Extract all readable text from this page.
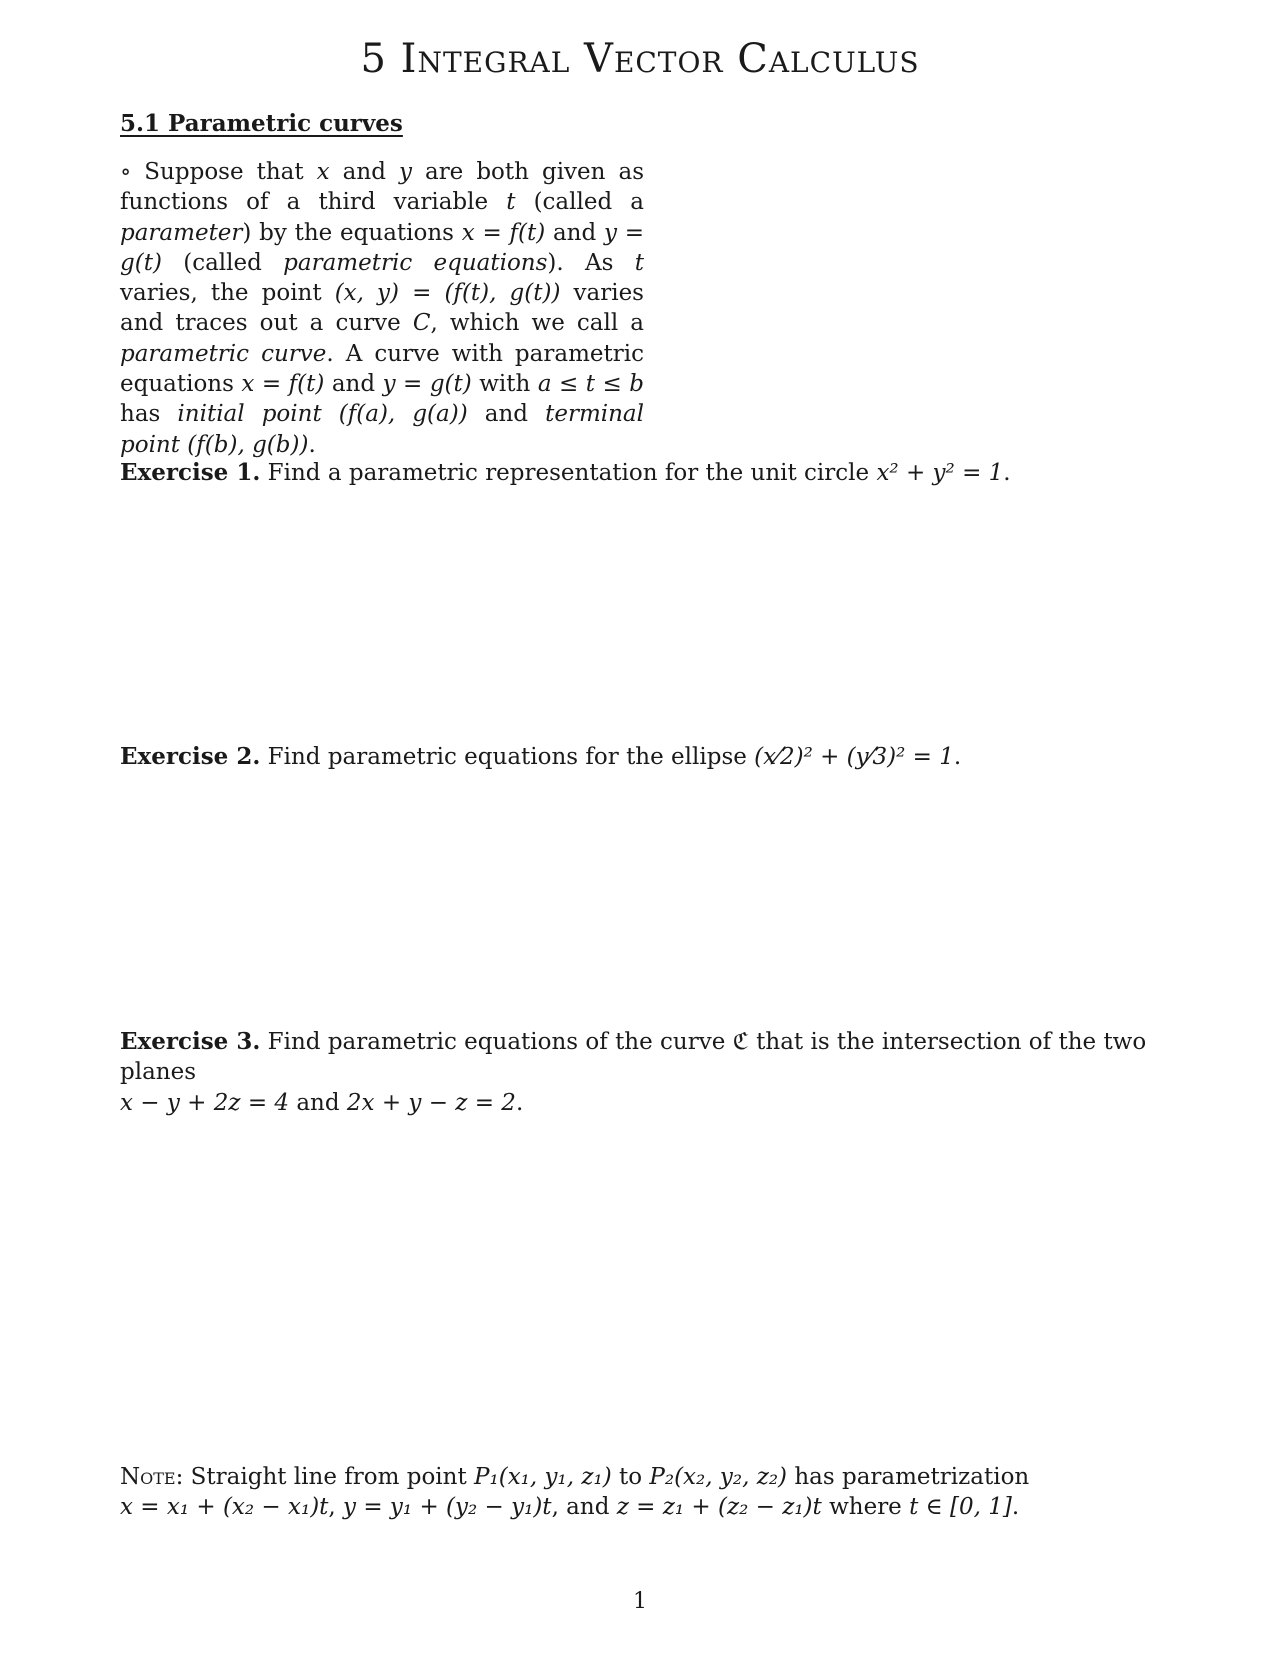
5 Integral Vector Calculus
5.1 Parametric curves
∘ Suppose that x and y are both given as functions of a third variable t (called a parameter) by the equations x = f(t) and y = g(t) (called parametric equations). As t varies, the point (x, y) = (f(t), g(t)) varies and traces out a curve C, which we call a parametric curve. A curve with parametric equations x = f(t) and y = g(t) with a ≤ t ≤ b has initial point (f(a), g(a)) and terminal point (f(b), g(b)).
Exercise 1. Find a parametric representation for the unit circle x² + y² = 1.
Exercise 2. Find parametric equations for the ellipse (x⁄2)² + (y⁄3)² = 1.
Exercise 3. Find parametric equations of the curve ℭ that is the intersection of the two planes
x − y + 2z = 4 and 2x + y − z = 2.
Note: Straight line from point P₁(x₁, y₁, z₁) to P₂(x₂, y₂, z₂) has parametrization
x = x₁ + (x₂ − x₁)t, y = y₁ + (y₂ − y₁)t, and z = z₁ + (z₂ − z₁)t where t ∈ [0, 1].
1
